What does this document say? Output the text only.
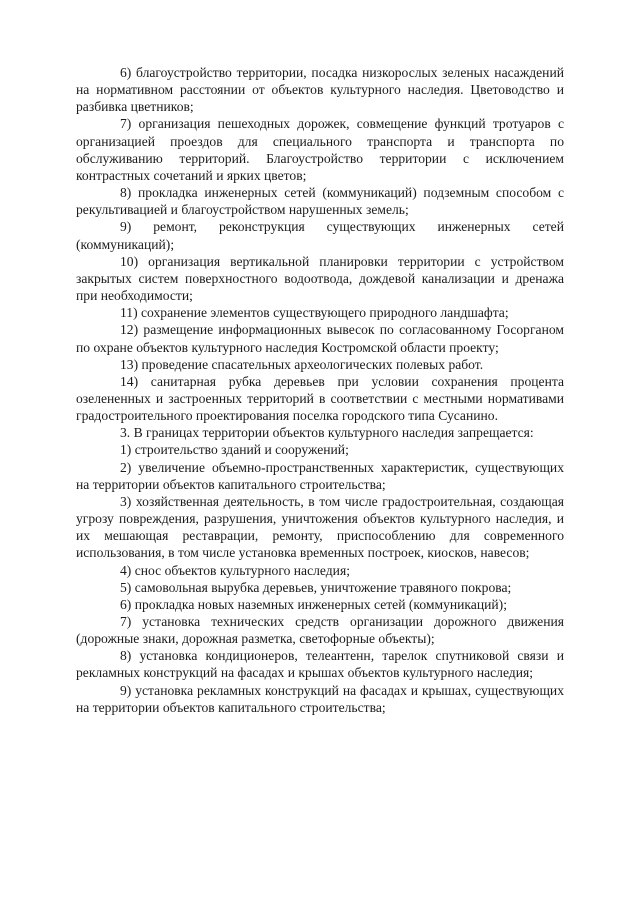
6) благоустройство территории, посадка низкорослых зеленых насаждений на нормативном расстоянии от объектов культурного наследия. Цветоводство и разбивка цветников;

7) организация пешеходных дорожек, совмещение функций тротуаров с организацией проездов для специального транспорта и транспорта по обслуживанию территорий. Благоустройство территории с исключением контрастных сочетаний и ярких цветов;

8) прокладка инженерных сетей (коммуникаций) подземным способом с рекультивацией и благоустройством нарушенных земель;

9) ремонт, реконструкция существующих инженерных сетей (коммуникаций);

10) организация вертикальной планировки территории с устройством закрытых систем поверхностного водоотвода, дождевой канализации и дренажа при необходимости;

11) сохранение элементов существующего природного ландшафта;

12) размещение информационных вывесок по согласованному Госорганом по охране объектов культурного наследия Костромской области проекту;

13) проведение спасательных археологических полевых работ.

14) санитарная рубка деревьев при условии сохранения процента озелененных и застроенных территорий в соответствии с местными нормативами градостроительного проектирования поселка городского типа Сусанино.

3. В границах территории объектов культурного наследия запрещается:

1) строительство зданий и сооружений;

2) увеличение объемно-пространственных характеристик, существующих на территории объектов капитального строительства;

3) хозяйственная деятельность, в том числе градостроительная, создающая угрозу повреждения, разрушения, уничтожения объектов культурного наследия, и их мешающая реставрации, ремонту, приспособлению для современного использования, в том числе установка временных построек, киосков, навесов;

4) снос объектов культурного наследия;

5) самовольная вырубка деревьев, уничтожение травяного покрова;

6) прокладка новых наземных инженерных сетей (коммуникаций);

7) установка технических средств организации дорожного движения (дорожные знаки, дорожная разметка, светофорные объекты);

8) установка кондиционеров, телеантенн, тарелок спутниковой связи и рекламных конструкций на фасадах и крышах объектов культурного наследия;

9) установка рекламных конструкций на фасадах и крышах, существующих на территории объектов капитального строительства;
